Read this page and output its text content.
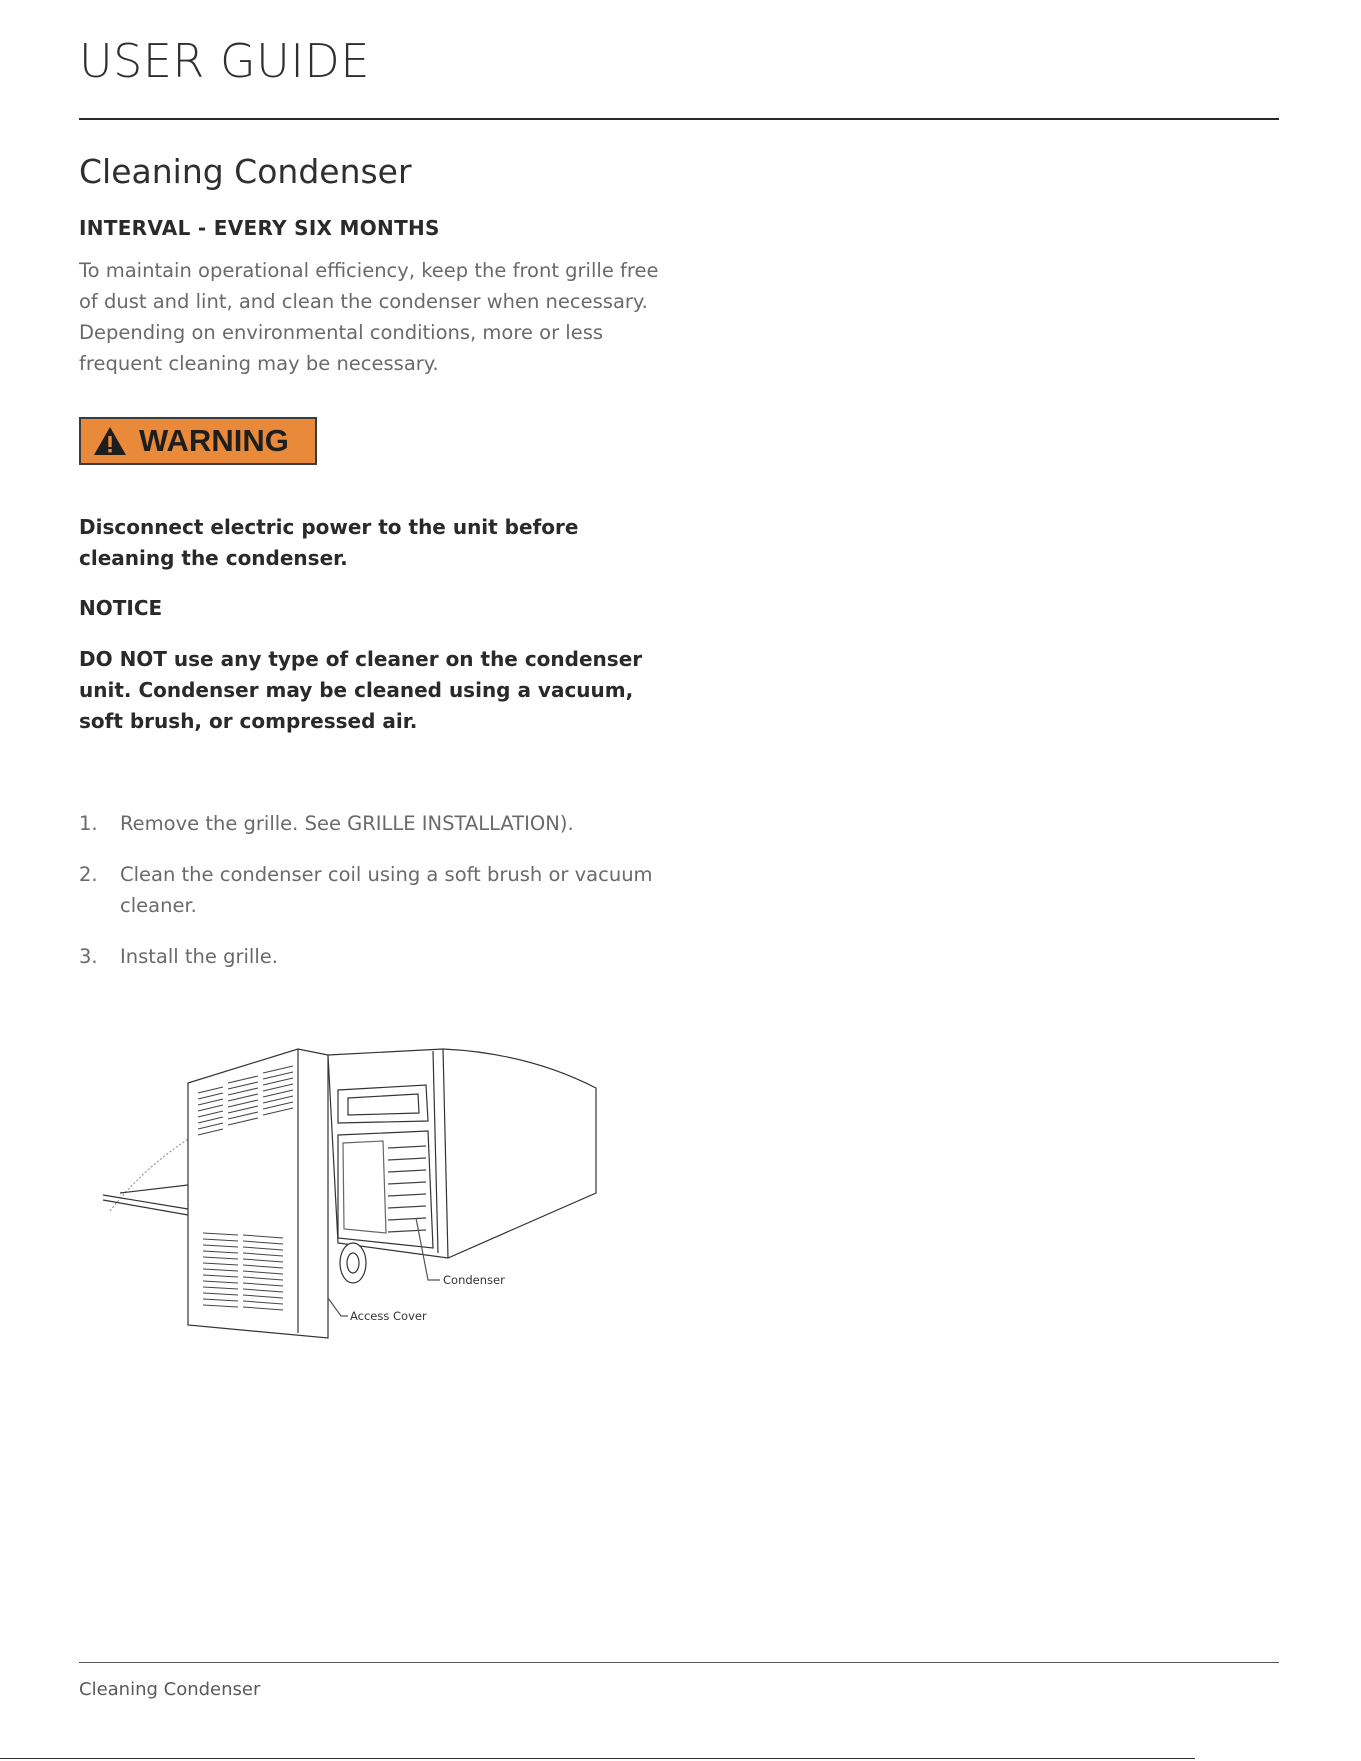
USER GUIDE
Cleaning Condenser
INTERVAL - EVERY SIX MONTHS

To maintain operational efficiency, keep the front grille free
of dust and lint, and clean the condenser when necessary.
Depending on environmental conditions, more or less
frequent cleaning may be necessary.

WARNING

Disconnect electric power to the unit before
cleaning the condenser.

NOTICE

DO NOT use any type of cleaner on the condenser
unit. Condenser may be cleaned using a vacuum,
soft brush, or compressed air.

1. Remove the grille. See GRILLE INSTALLATION).
2. Clean the condenser coil using a soft brush or vacuum
cleaner.
3. Install the grille.
Condenser
Access Cover
Cleaning Condenser
